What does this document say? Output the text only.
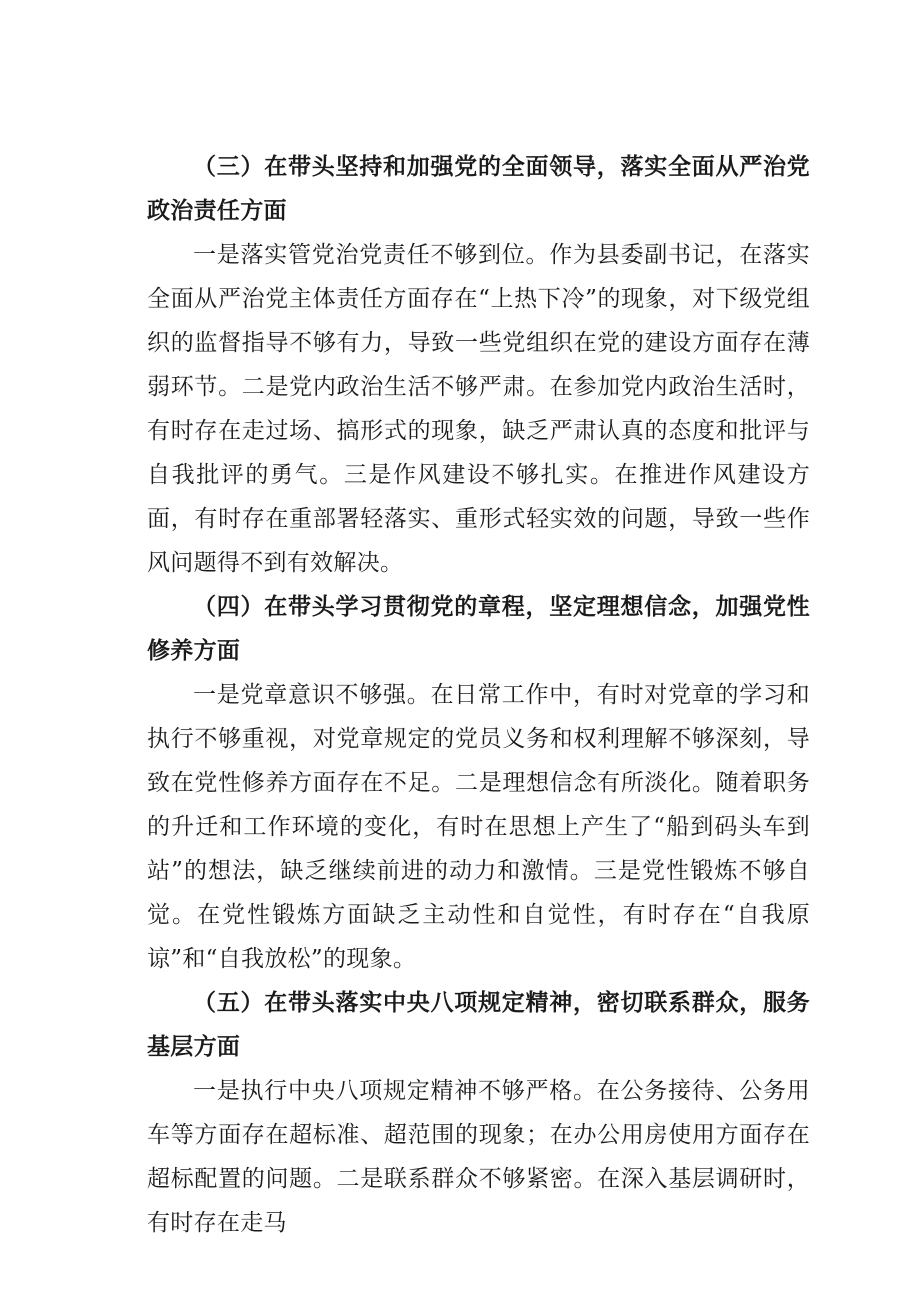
（三）在带头坚持和加强党的全面领导，落实全面从严治党政治责任方面

一是落实管党治党责任不够到位。作为县委副书记，在落实全面从严治党主体责任方面存在“上热下冷”的现象，对下级党组织的监督指导不够有力，导致一些党组织在党的建设方面存在薄弱环节。二是党内政治生活不够严肃。在参加党内政治生活时，有时存在走过场、搞形式的现象，缺乏严肃认真的态度和批评与自我批评的勇气。三是作风建设不够扎实。在推进作风建设方面，有时存在重部署轻落实、重形式轻实效的问题，导致一些作风问题得不到有效解决。

（四）在带头学习贯彻党的章程，坚定理想信念，加强党性修养方面

一是党章意识不够强。在日常工作中，有时对党章的学习和执行不够重视，对党章规定的党员义务和权利理解不够深刻，导致在党性修养方面存在不足。二是理想信念有所淡化。随着职务的升迁和工作环境的变化，有时在思想上产生了“船到码头车到站”的想法，缺乏继续前进的动力和激情。三是党性锻炼不够自觉。在党性锻炼方面缺乏主动性和自觉性，有时存在“自我原谅”和“自我放松”的现象。

（五）在带头落实中央八项规定精神，密切联系群众，服务基层方面

一是执行中央八项规定精神不够严格。在公务接待、公务用车等方面存在超标准、超范围的现象；在办公用房使用方面存在超标配置的问题。二是联系群众不够紧密。在深入基层调研时，有时存在走马
